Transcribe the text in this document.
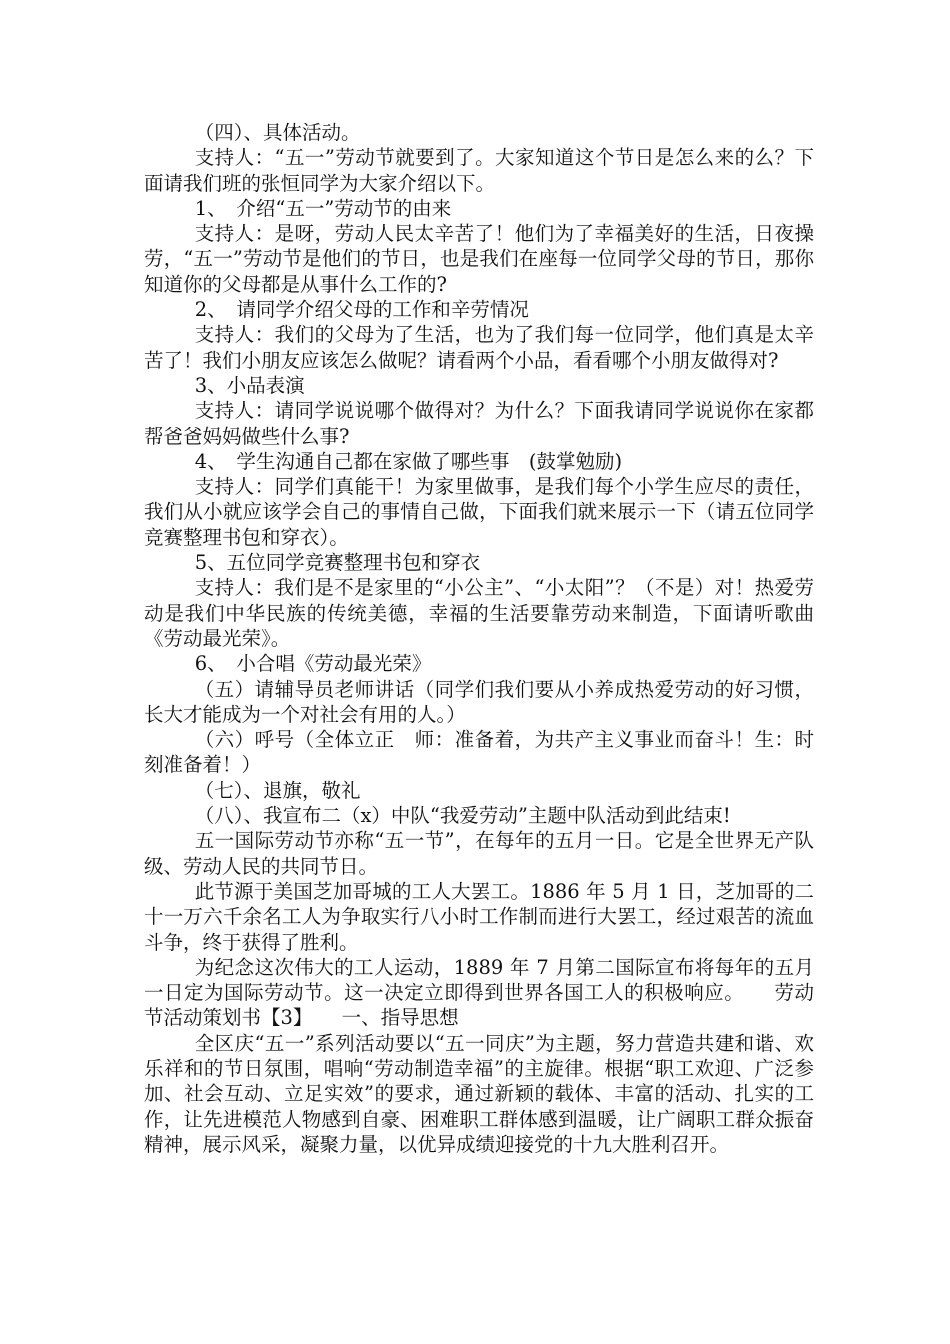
（四）、具体活动。

支持人：“五一”劳动节就要到了。大家知道这个节日是怎么来的么？下面请我们班的张恒同学为大家介绍以下。

1、　介绍“五一”劳动节的由来

支持人：是呀，劳动人民太辛苦了！他们为了幸福美好的生活，日夜操劳，“五一”劳动节是他们的节日，也是我们在座每一位同学父母的节日，那你知道你的父母都是从事什么工作的?

2、　请同学介绍父母的工作和辛劳情况

支持人：我们的父母为了生活，也为了我们每一位同学，他们真是太辛苦了！我们小朋友应该怎么做呢？请看两个小品，看看哪个小朋友做得对?

3、小品表演

支持人：请同学说说哪个做得对？为什么？下面我请同学说说你在家都帮爸爸妈妈做些什么事?

4、　学生沟通自己都在家做了哪些事　(鼓掌勉励)

支持人：同学们真能干！为家里做事，是我们每个小学生应尽的责任，我们从小就应该学会自己的事情自己做，下面我们就来展示一下（请五位同学竞赛整理书包和穿衣）。

5、五位同学竞赛整理书包和穿衣

支持人：我们是不是家里的“小公主”、“小太阳”？（不是）对！热爱劳动是我们中华民族的传统美德，幸福的生活要靠劳动来制造，下面请听歌曲《劳动最光荣》。

6、　小合唱《劳动最光荣》

（五）请辅导员老师讲话（同学们我们要从小养成热爱劳动的好习惯，长大才能成为一个对社会有用的人。）

（六）呼号（全体立正　师：准备着，为共产主义事业而奋斗！生：时刻准备着！）

（七）、退旗，敬礼

（八）、我宣布二（x）中队“我爱劳动”主题中队活动到此结束!

五一国际劳动节亦称“五一节”，在每年的五月一日。它是全世界无产队级、劳动人民的共同节日。

此节源于美国芝加哥城的工人大罢工。1886 年 5 月 1 日，芝加哥的二十一万六千余名工人为争取实行八小时工作制而进行大罢工，经过艰苦的流血斗争，终于获得了胜利。

为纪念这次伟大的工人运动，1889 年 7 月第二国际宣布将每年的五月一日定为国际劳动节。这一决定立即得到世界各国工人的积极响应。　　劳动节活动策划书【3】　　一、指导思想

全区庆“五一”系列活动要以“五一同庆”为主题，努力营造共建和谐、欢乐祥和的节日氛围，唱响“劳动制造幸福”的主旋律。根据“职工欢迎、广泛参加、社会互动、立足实效”的要求，通过新颖的载体、丰富的活动、扎实的工作，让先进模范人物感到自豪、困难职工群体感到温暖，让广阔职工群众振奋精神，展示风采，凝聚力量，以优异成绩迎接党的十九大胜利召开。
